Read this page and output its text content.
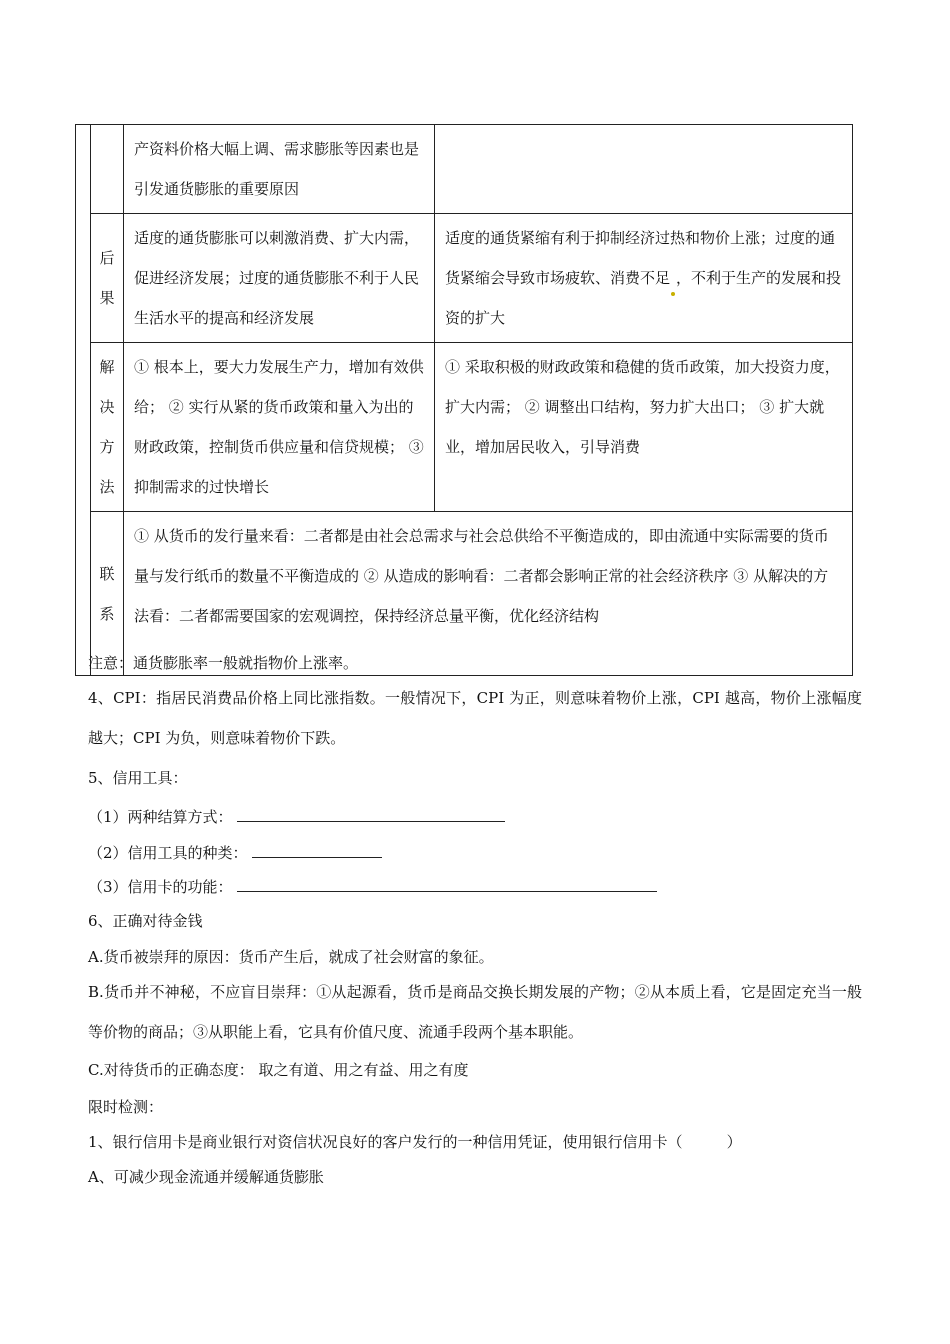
		产资料价格大幅上调、需求膨胀等因素也是引发通货膨胀的重要原因	

	后
果	适度的通货膨胀可以刺激消费、扩大内需，促进经济发展；过度的通货膨胀不利于人民生活水平的提高和经济发展	适度的通货紧缩有利于抑制经济过热和物价上涨；过度的通货紧缩会导致市场疲软、消费不足 ，不利于生产的发展和投资的扩大

	解
决
方
法	① 根本上，要大力发展生产力，增加有效供给； ② 实行从紧的货币政策和量入为出的财政政策，控制货币供应量和信贷规模； ③ 抑制需求的过快增长	① 采取积极的财政政策和稳健的货币政策，加大投资力度，扩大内需； ② 调整出口结构，努力扩大出口； ③ 扩大就业，增加居民收入，引导消费

	联
系	① 从货币的发行量来看：二者都是由社会总需求与社会总供给不平衡造成的，即由流通中实际需要的货币量与发行纸币的数量不平衡造成的 ② 从造成的影响看：二者都会影响正常的社会经济秩序 ③ 从解决的方法看：二者都需要国家的宏观调控，保持经济总量平衡，优化经济结构	
注意：通货膨胀率一般就指物价上涨率。
4、CPI：指居民消费品价格上同比涨指数。一般情况下，CPI 为正，则意味着物价上涨，CPI 越高，物价上涨幅度越大；CPI 为负，则意味着物价下跌。
5、信用工具：
（1）两种结算方式：
（2）信用工具的种类：
（3）信用卡的功能：
6、正确对待金钱
A.货币被崇拜的原因：货币产生后，就成了社会财富的象征。
B.货币并不神秘，不应盲目崇拜：①从起源看，货币是商品交换长期发展的产物；②从本质上看，它是固定充当一般等价物的商品；③从职能上看，它具有价值尺度、流通手段两个基本职能。
C.对待货币的正确态度： 取之有道、用之有益、用之有度
限时检测：
1、银行信用卡是商业银行对资信状况良好的客户发行的一种信用凭证，使用银行信用卡（	）
A、可减少现金流通并缓解通货膨胀
